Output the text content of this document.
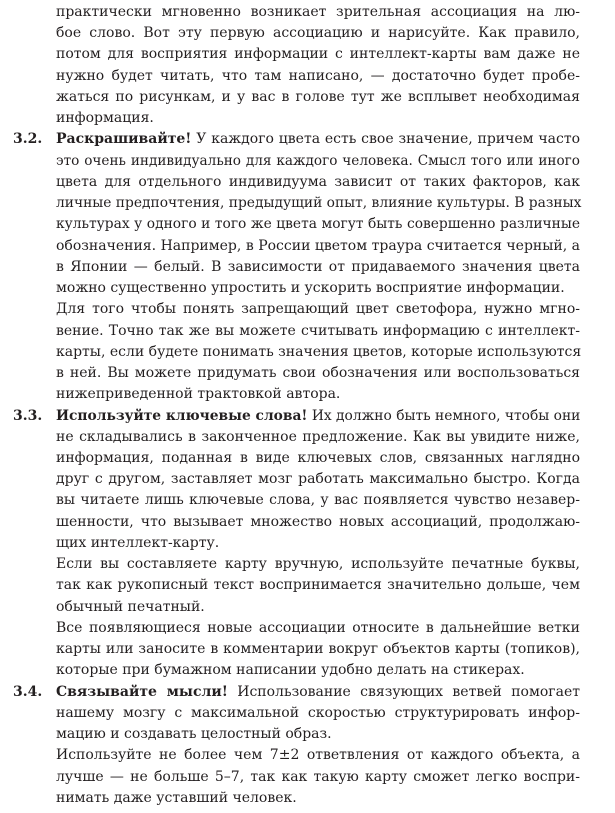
практически мгновенно возникает зрительная ассоциация на лю-
бое слово. Вот эту первую ассоциацию и нарисуйте. Как правило,
потом для восприятия информации с интеллект-карты вам даже не
нужно будет читать, что там написано, — достаточно будет пробе-
жаться по рисункам, и у вас в голове тут же всплывет необходимая
информация.
3.2. Раскрашивайте! У каждого цвета есть свое значение, причем часто
это очень индивидуально для каждого человека. Смысл того или иного
цвета для отдельного индивидуума зависит от таких факторов, как
личные предпочтения, предыдущий опыт, влияние культуры. В разных
культурах у одного и того же цвета могут быть совершенно различные
обозначения. Например, в России цветом траура считается черный, а
в Японии — белый. В зависимости от придаваемого значения цвета
можно существенно упростить и ускорить восприятие информации.
Для того чтобы понять запрещающий цвет светофора, нужно мгно-
вение. Точно так же вы можете считывать информацию с интеллект-
карты, если будете понимать значения цветов, которые используются
в ней. Вы можете придумать свои обозначения или воспользоваться
нижеприведенной трактовкой автора.
3.3. Используйте ключевые слова! Их должно быть немного, чтобы они
не складывались в законченное предложение. Как вы увидите ниже,
информация, поданная в виде ключевых слов, связанных наглядно
друг с другом, заставляет мозг работать максимально быстро. Когда
вы читаете лишь ключевые слова, у вас появляется чувство незавер-
шенности, что вызывает множество новых ассоциаций, продолжаю-
щих интеллект-карту.
Если вы составляете карту вручную, используйте печатные буквы,
так как рукописный текст воспринимается значительно дольше, чем
обычный печатный.
Все появляющиеся новые ассоциации относите в дальнейшие ветки
карты или заносите в комментарии вокруг объектов карты (топиков),
которые при бумажном написании удобно делать на стикерах.
3.4. Связывайте мысли! Использование связующих ветвей помогает
нашему мозгу с максимальной скоростью структурировать инфор-
мацию и создавать целостный образ.
Используйте не более чем 7±2 ответвления от каждого объекта, а
лучше — не больше 5–7, так как такую карту сможет легко воспри-
нимать даже уставший человек.
